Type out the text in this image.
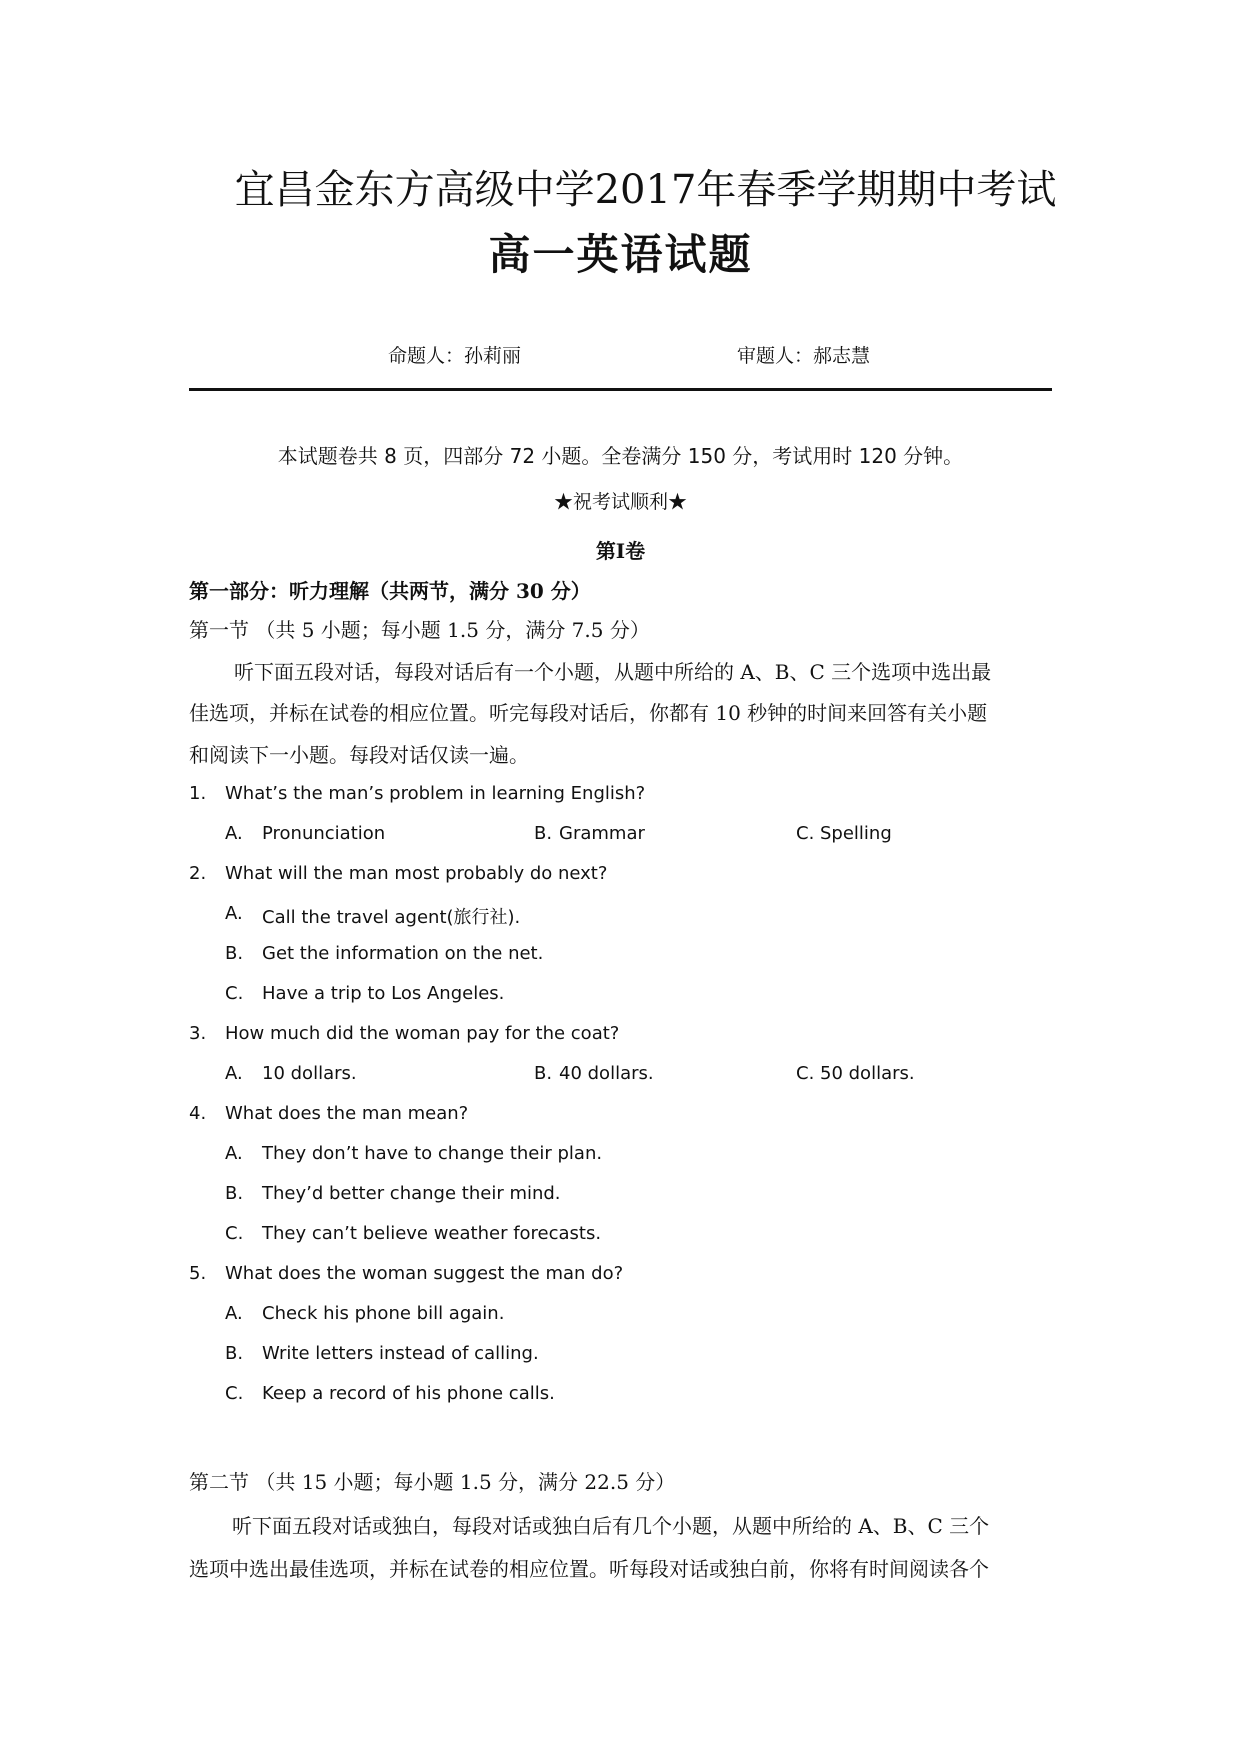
宜昌金东方高级中学2017年春季学期期中考试
高一英语试题
命题人：孙莉丽	审题人：郝志慧
本试题卷共 8 页，四部分 72 小题。全卷满分 150 分，考试用时 120 分钟。
★祝考试顺利★
第Ⅰ卷
第一部分：听力理解（共两节，满分 30 分）
第一节 （共 5 小题；每小题 1.5 分，满分 7.5 分）
听下面五段对话，每段对话后有一个小题，从题中所给的 A、B、C 三个选项中选出最
佳选项，并标在试卷的相应位置。听完每段对话后，你都有 10 秒钟的时间来回答有关小题
和阅读下一小题。每段对话仅读一遍。
1. What’s the man’s problem in learning English?
A. Pronunciation	B. Grammar	C. Spelling
2. What will the man most probably do next?
A. Call the travel agent(旅行社).
B. Get the information on the net.
C. Have a trip to Los Angeles.
3. How much did the woman pay for the coat?
A. 10 dollars.	B. 40 dollars.	C. 50 dollars.
4. What does the man mean?
A. They don’t have to change their plan.
B. They’d better change their mind.
C. They can’t believe weather forecasts.
5. What does the woman suggest the man do?
A. Check his phone bill again.
B. Write letters instead of calling.
C. Keep a record of his phone calls.
第二节 （共 15 小题；每小题 1.5 分，满分 22.5 分）
听下面五段对话或独白，每段对话或独白后有几个小题，从题中所给的 A、B、C 三个
选项中选出最佳选项，并标在试卷的相应位置。听每段对话或独白前，你将有时间阅读各个
